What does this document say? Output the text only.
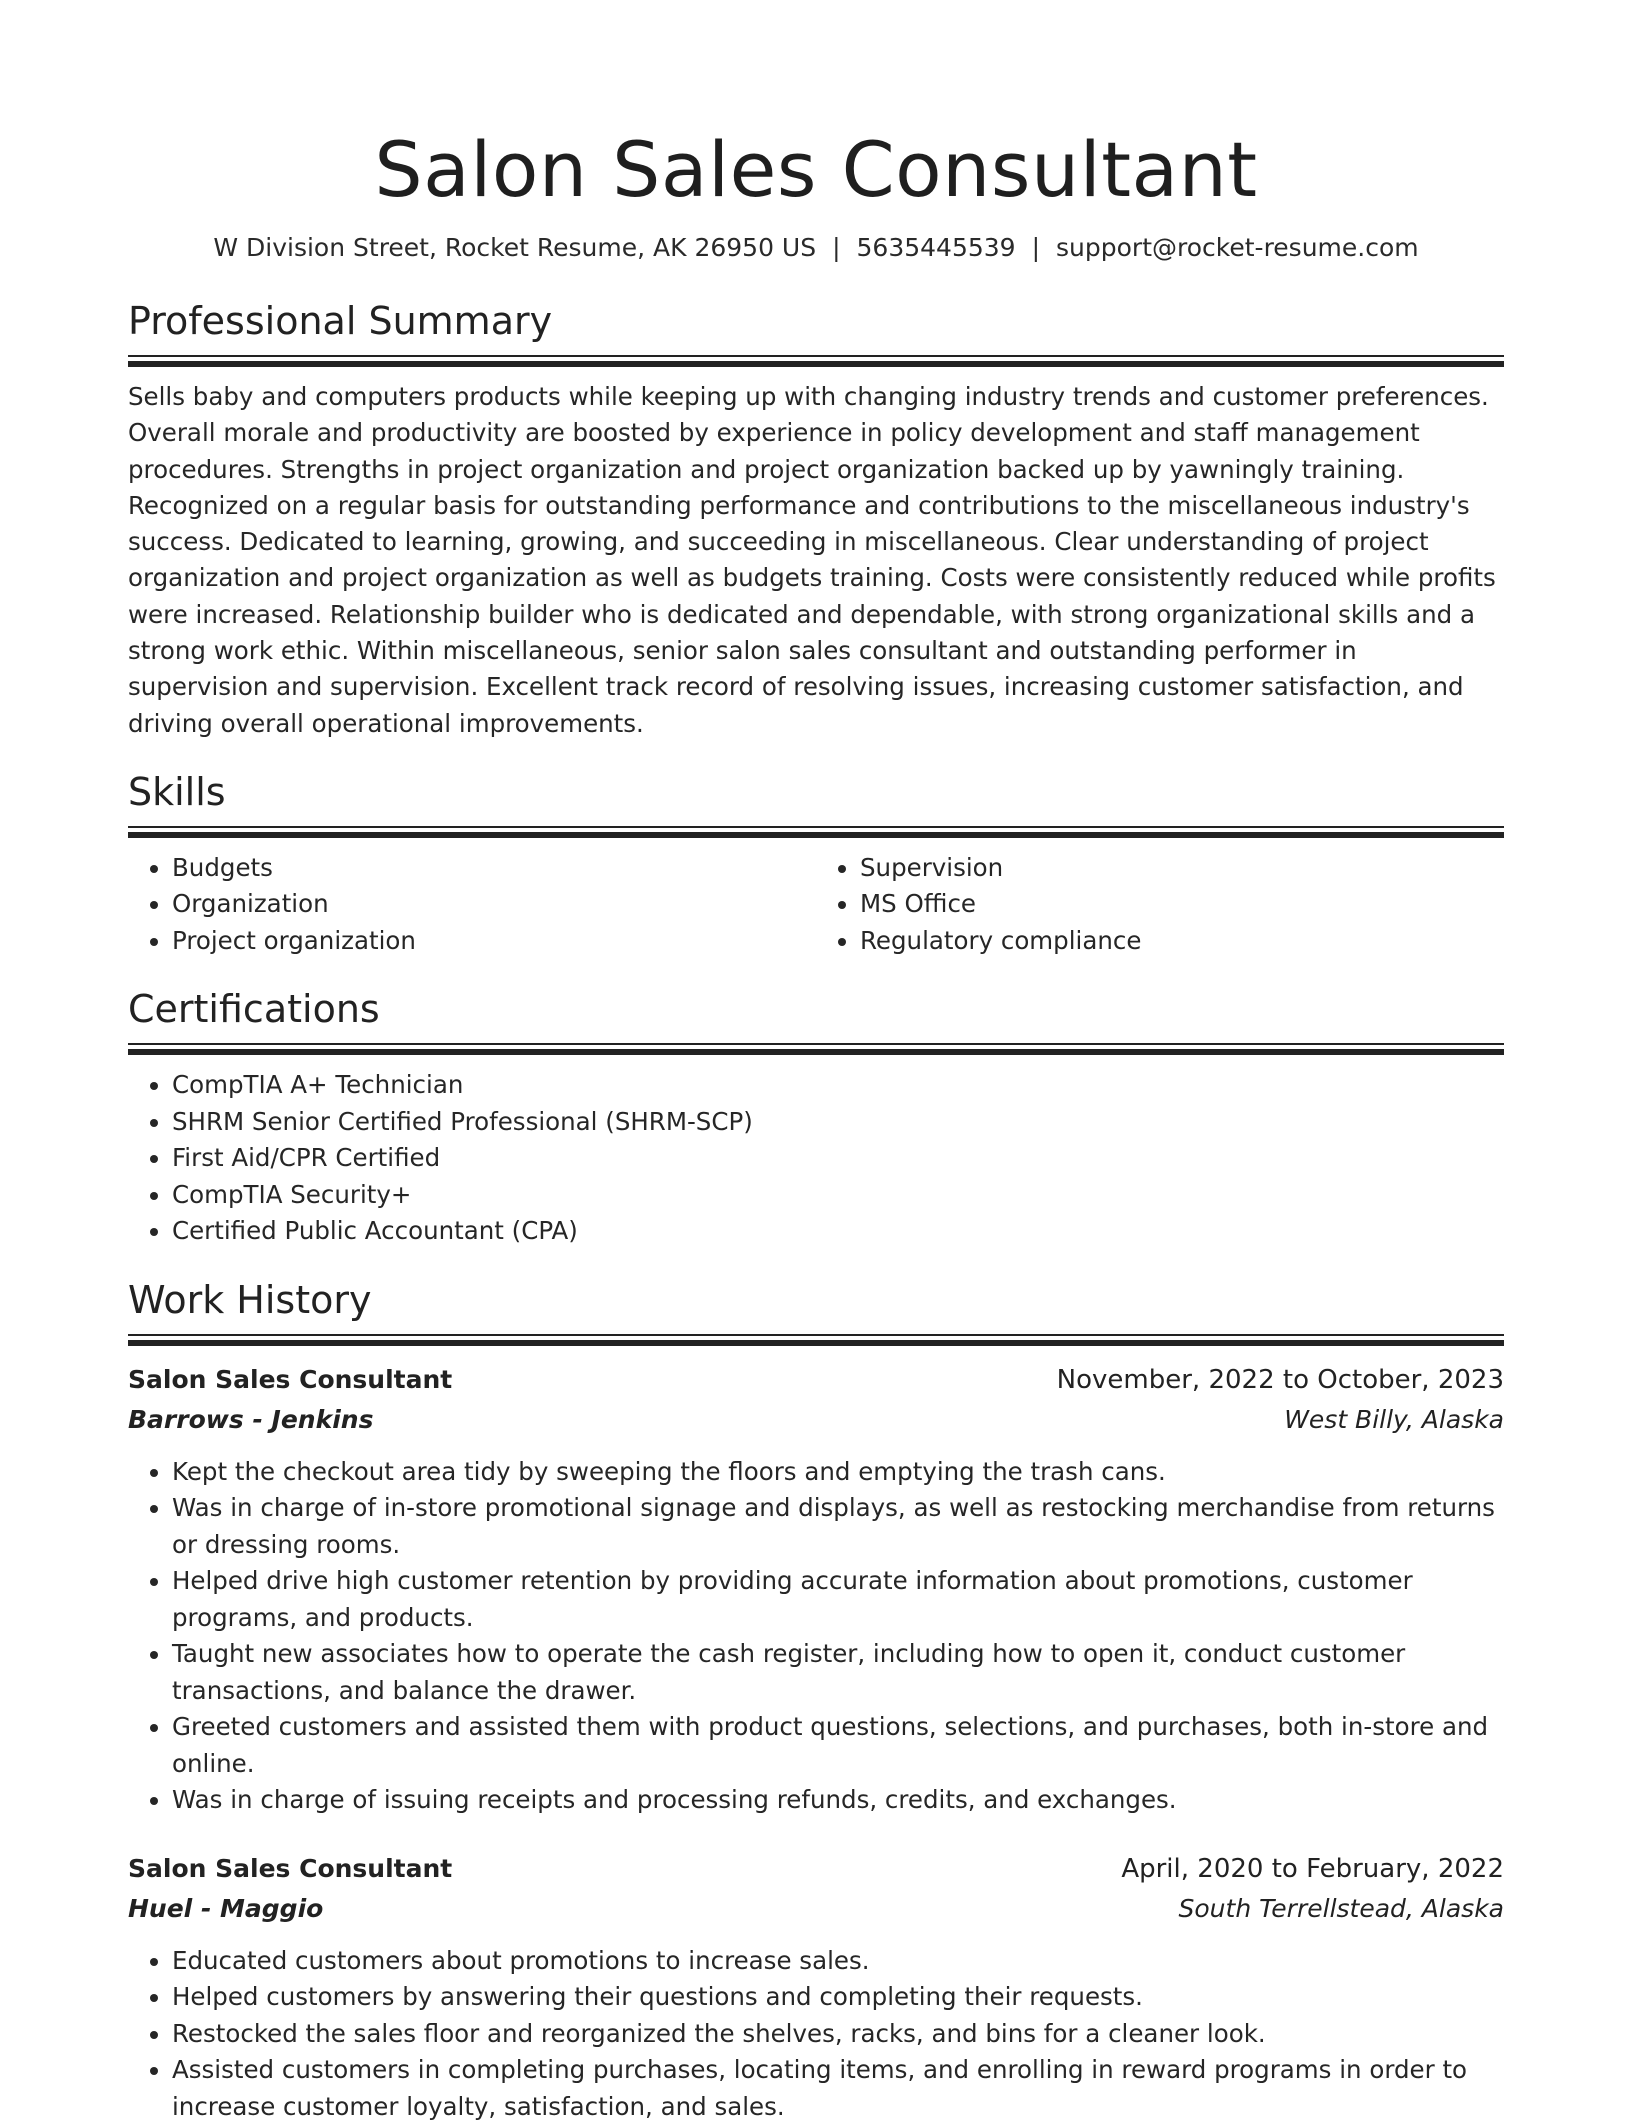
Salon Sales Consultant
W Division Street, Rocket Resume, AK 26950 US | 5635445539 | support@rocket-resume.com
Professional Summary
Sells baby and computers products while keeping up with changing industry trends and customer preferences. Overall morale and productivity are boosted by experience in policy development and staff management procedures. Strengths in project organization and project organization backed up by yawningly training. Recognized on a regular basis for outstanding performance and contributions to the miscellaneous industry's success. Dedicated to learning, growing, and succeeding in miscellaneous. Clear understanding of project organization and project organization as well as budgets training. Costs were consistently reduced while profits were increased. Relationship builder who is dedicated and dependable, with strong organizational skills and a strong work ethic. Within miscellaneous, senior salon sales consultant and outstanding performer in supervision and supervision. Excellent track record of resolving issues, increasing customer satisfaction, and driving overall operational improvements.
Skills
• Budgets
• Organization
• Project organization
• Supervision
• MS Office
• Regulatory compliance
Certifications
• CompTIA A+ Technician
• SHRM Senior Certified Professional (SHRM-SCP)
• First Aid/CPR Certified
• CompTIA Security+
• Certified Public Accountant (CPA)
Work History
Salon Sales Consultant	November, 2022 to October, 2023
Barrows - Jenkins	West Billy, Alaska
• Kept the checkout area tidy by sweeping the floors and emptying the trash cans.
• Was in charge of in-store promotional signage and displays, as well as restocking merchandise from returns or dressing rooms.
• Helped drive high customer retention by providing accurate information about promotions, customer programs, and products.
• Taught new associates how to operate the cash register, including how to open it, conduct customer transactions, and balance the drawer.
• Greeted customers and assisted them with product questions, selections, and purchases, both in-store and online.
• Was in charge of issuing receipts and processing refunds, credits, and exchanges.
Salon Sales Consultant	April, 2020 to February, 2022
Huel - Maggio	South Terrellstead, Alaska
• Educated customers about promotions to increase sales.
• Helped customers by answering their questions and completing their requests.
• Restocked the sales floor and reorganized the shelves, racks, and bins for a cleaner look.
• Assisted customers in completing purchases, locating items, and enrolling in reward programs in order to increase customer loyalty, satisfaction, and sales.
